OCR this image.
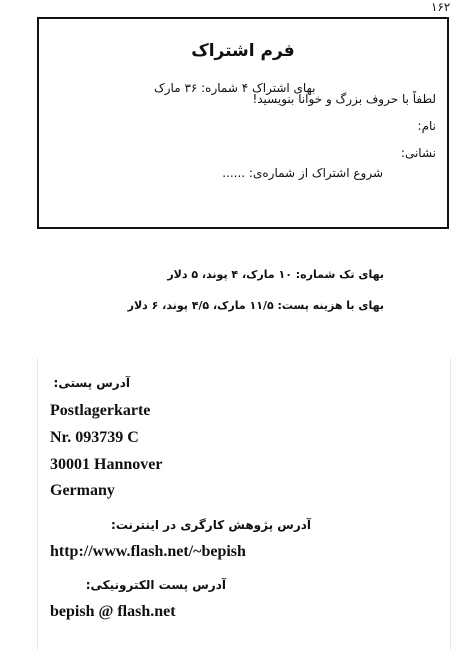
۱۶۲
فرم اشتراک
بهای اشتراک ۴ شماره: ۳۶ مارک
لطفاً با حروف بزرگ و خوانا بنویسید!
نام:
نشانی:
شروع اشتراک از شماره‌ی: ......
بهای تک شماره: ۱۰ مارک، ۴ پوند، ۵ دلار
بهای با هزینه پست: ۱۱/۵ مارک، ۴/۵ پوند، ۶ دلار
آدرس پستی:
Postlagerkarte
Nr. 093739 C
30001 Hannover
Germany
آدرس پژوهش کارگری در اینترنت:
http://www.flash.net/~bepish
آدرس پست الکترونیکی:
bepish @ flash.net
